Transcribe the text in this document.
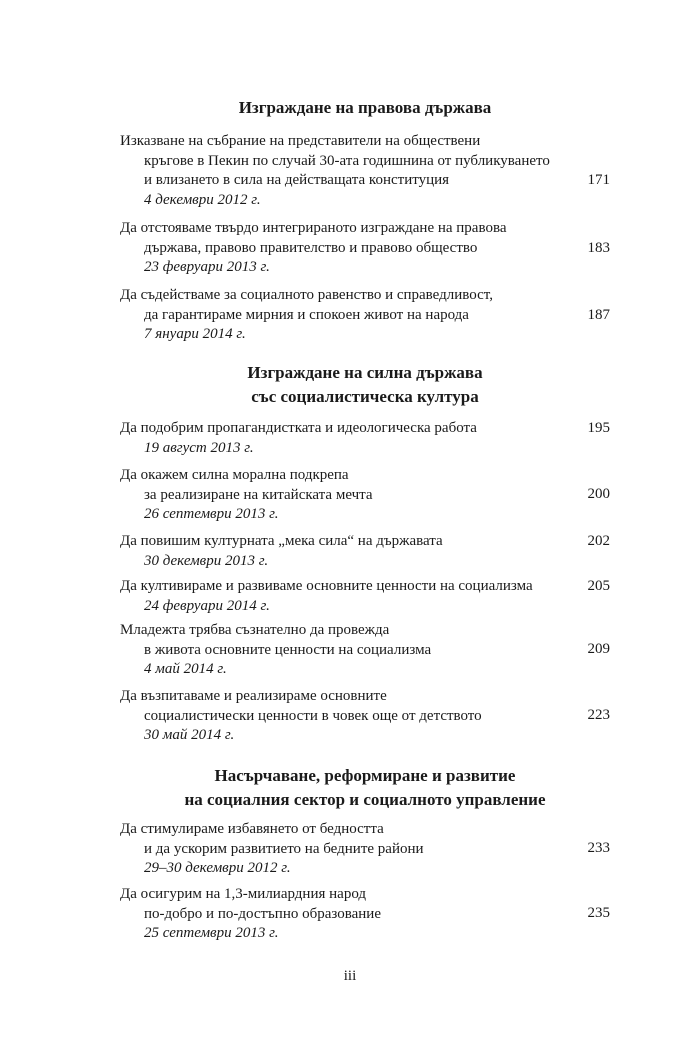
Изграждане на правова държава
Изказване на събрание на представители на обществени
кръгове в Пекин по случай 30-ата годишнина от публикуването
и влизането в сила на действащата конституция
4 декември 2012 г.
171
Да отстояваме твърдо интегрираното изграждане на правова
държава, правово правителство и правово общество
23 февруари 2013 г.
183
Да съдействаме за социалното равенство и справедливост,
да гарантираме мирния и спокоен живот на народа
7 януари 2014 г.
187
Изграждане на силна държава
със социалистическа култура
Да подобрим пропагандистката и идеологическа работа
19 август 2013 г.
195
Да окажем силна морална подкрепа
за реализиране на китайската мечта
26 септември 2013 г.
200
Да повишим културната „мека сила“ на държавата
30 декември 2013 г.
202
Да култивираме и развиваме основните ценности на социализма
24 февруари 2014 г.
205
Младежта трябва съзнателно да провежда
в живота основните ценности на социализма
4 май 2014 г.
209
Да възпитаваме и реализираме основните
социалистически ценности в човек още от детството
30 май 2014 г.
223
Насърчаване, реформиране и развитие
на социалния сектор и социалното управление
Да стимулираме избавянето от бедността
и да ускорим развитието на бедните райони
29–30 декември 2012 г.
233
Да осигурим на 1,3-милиардния народ
по-добро и по-достъпно образование
25 септември 2013 г.
235
iii
